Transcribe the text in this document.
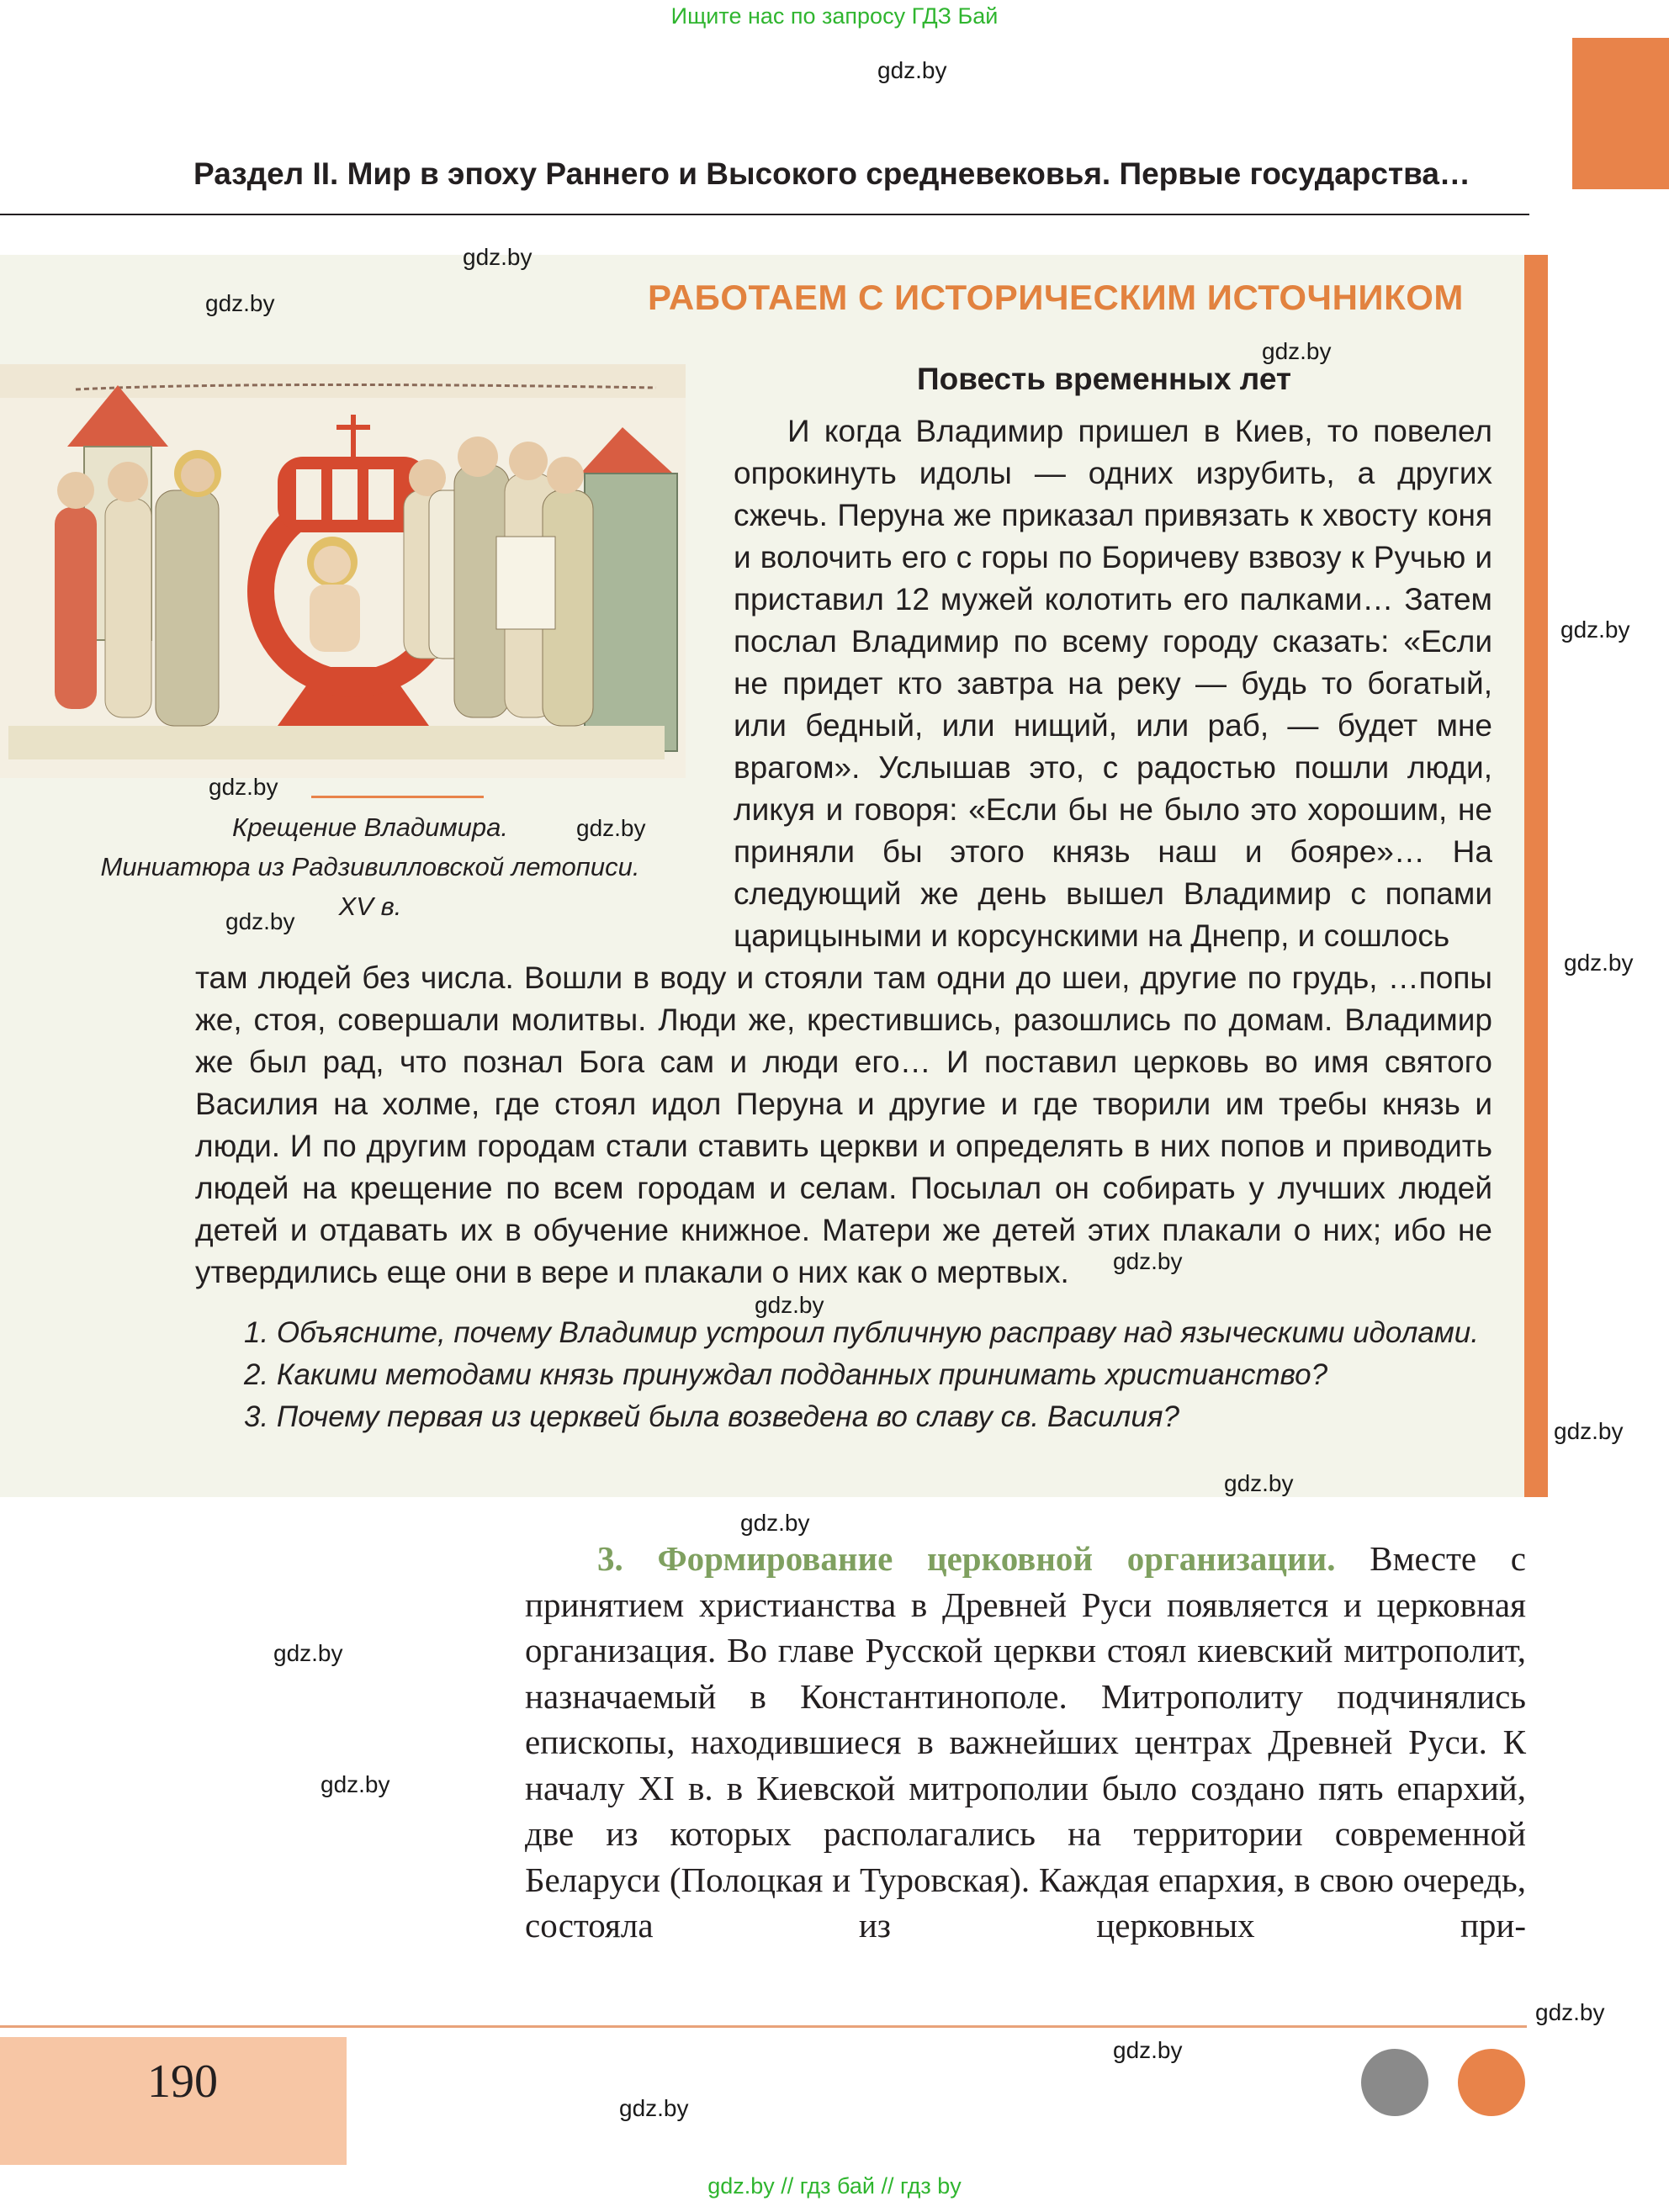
Ищите нас по запросу ГДЗ Бай
gdz.by
Раздел II. Мир в эпоху Раннего и Высокого средневековья. Первые государства…
РАБОТАЕМ С ИСТОРИЧЕСКИМ ИСТОЧНИКОМ
Повесть временных лет
Крещение Владимира.
Миниатюра из Радзивилловской летописи.
XV в.
И когда Владимир пришел в Киев, то повелел опрокинуть идолы — одних изрубить, а других сжечь. Перуна же приказал привязать к хвосту коня и волочить его с горы по Боричеву взвозу к Ручью и приставил 12 мужей колотить его палками… Затем послал Владимир по всему городу сказать: «Если не придет кто завтра на реку — будь то богатый, или бедный, или нищий, или раб, — будет мне врагом». Услышав это, с радостью пошли люди, ликуя и говоря: «Если бы не было это хорошим, не приняли бы этого князь наш и бояре»… На следующий же день вышел Владимир с попами царицыными и корсунскими на Днепр, и сошлось
там людей без числа. Вошли в воду и стояли там одни до шеи, другие по грудь, …попы же, стоя, совершали молитвы. Люди же, крестившись, разошлись по домам. Владимир же был рад, что познал Бога сам и люди его… И поставил церковь во имя святого Василия на холме, где стоял идол Перуна и другие и где творили им требы князь и люди. И по другим городам стали ставить церкви и определять в них попов и приводить людей на крещение по всем городам и селам. Посылал он собирать у лучших людей детей и отдавать их в обучение книжное. Матери же детей этих плакали о них; ибо не утвердились еще они в вере и плакали о них как о мертвых.
1. Объясните, почему Владимир устроил публичную расправу над языческими идолами.
2. Какими методами князь принуждал подданных принимать христианство?
3. Почему первая из церквей была возведена во славу св. Василия?
3. Формирование церковной организации. Вместе с принятием христианства в Древней Руси появляется и церковная организация. Во главе Русской церкви стоял киевский митрополит, назначаемый в Константинополе. Митрополиту подчинялись епископы, находившиеся в важнейших центрах Древней Руси. К началу XI в. в Киевской митрополии было создано пять епархий, две из которых располагались на территории современной Беларуси (Полоцкая и Туровская). Каждая епархия, в свою очередь, состояла из церковных при-
190
gdz.by
gdz.by
gdz.by
gdz.by
gdz.by
gdz.by
gdz.by
gdz.by
gdz.by
gdz.by
gdz.by
gdz.by
gdz.by
gdz.by
gdz.by
gdz.by
gdz.by
gdz.by
gdz.by // гдз бай // гдз by
